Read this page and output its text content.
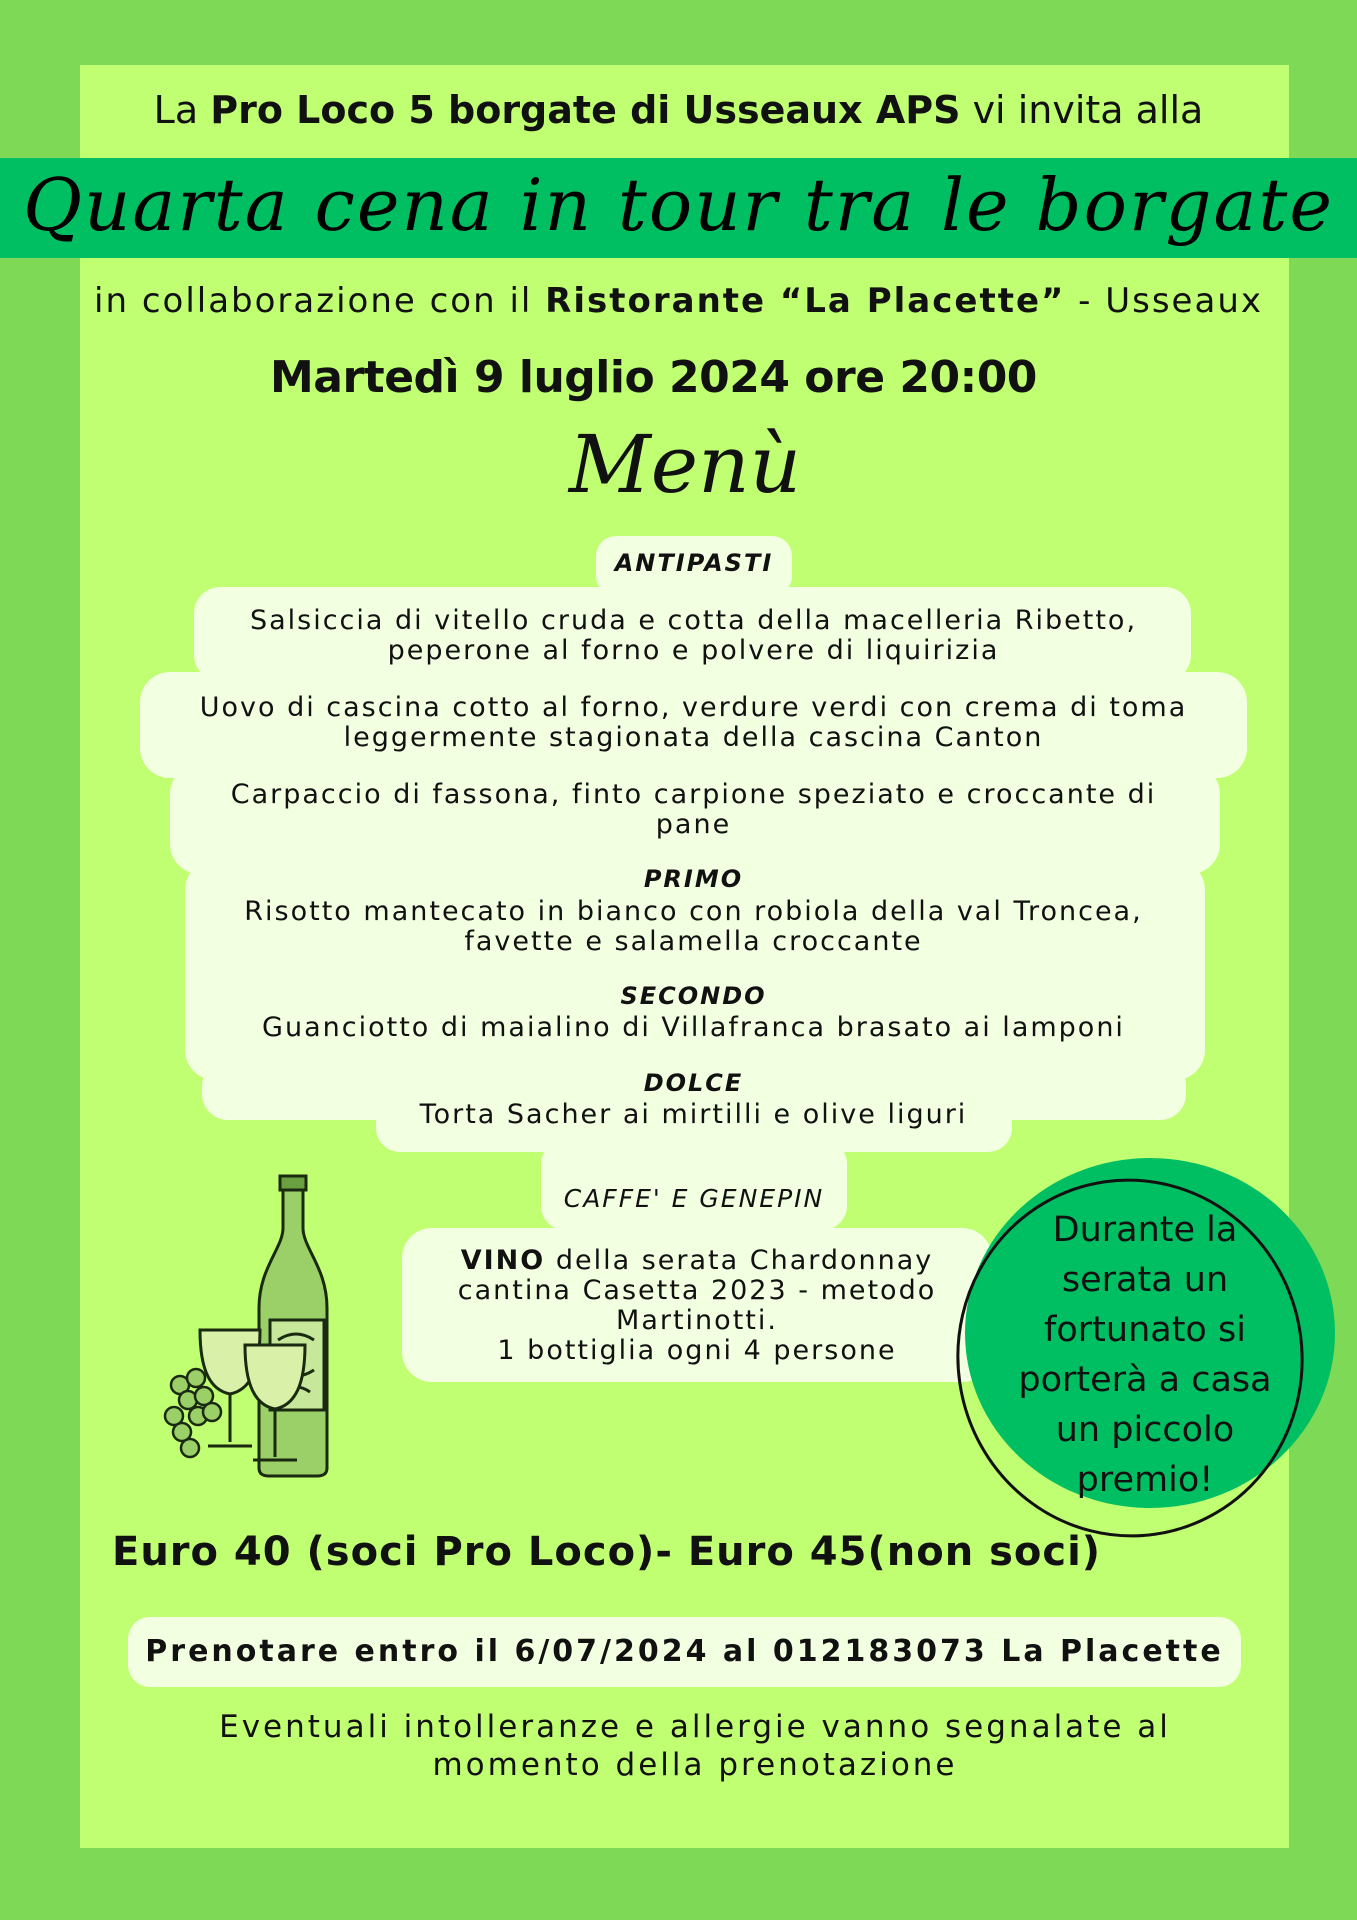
La Pro Loco 5 borgate di Usseaux APS vi invita alla
Quarta cena in tour tra le borgate
in collaborazione con il Ristorante “La Placette” - Usseaux
Martedì 9 luglio 2024 ore 20:00
Menù
ANTIPASTI
Salsiccia di vitello cruda e cotta della macelleria Ribetto,
peperone al forno e polvere di liquirizia
Uovo di cascina cotto al forno, verdure verdi con crema di toma
leggermente stagionata della cascina Canton
Carpaccio di fassona, finto carpione speziato e croccante di
pane
PRIMO
Risotto mantecato in bianco con robiola della val Troncea,
favette e salamella croccante
SECONDO
Guanciotto di maialino di Villafranca brasato ai lamponi
DOLCE
Torta Sacher ai mirtilli e olive liguri
CAFFE' E GENEPIN
VINO della serata Chardonnay
cantina Casetta 2023 - metodo
Martinotti.
1 bottiglia ogni 4 persone
Durante la
serata un
fortunato si
porterà a casa
un piccolo
premio!
Euro 40 (soci Pro Loco)- Euro 45(non soci)
Prenotare entro il 6/07/2024 al 012183073 La Placette
Eventuali intolleranze e allergie vanno segnalate al
momento della prenotazione
